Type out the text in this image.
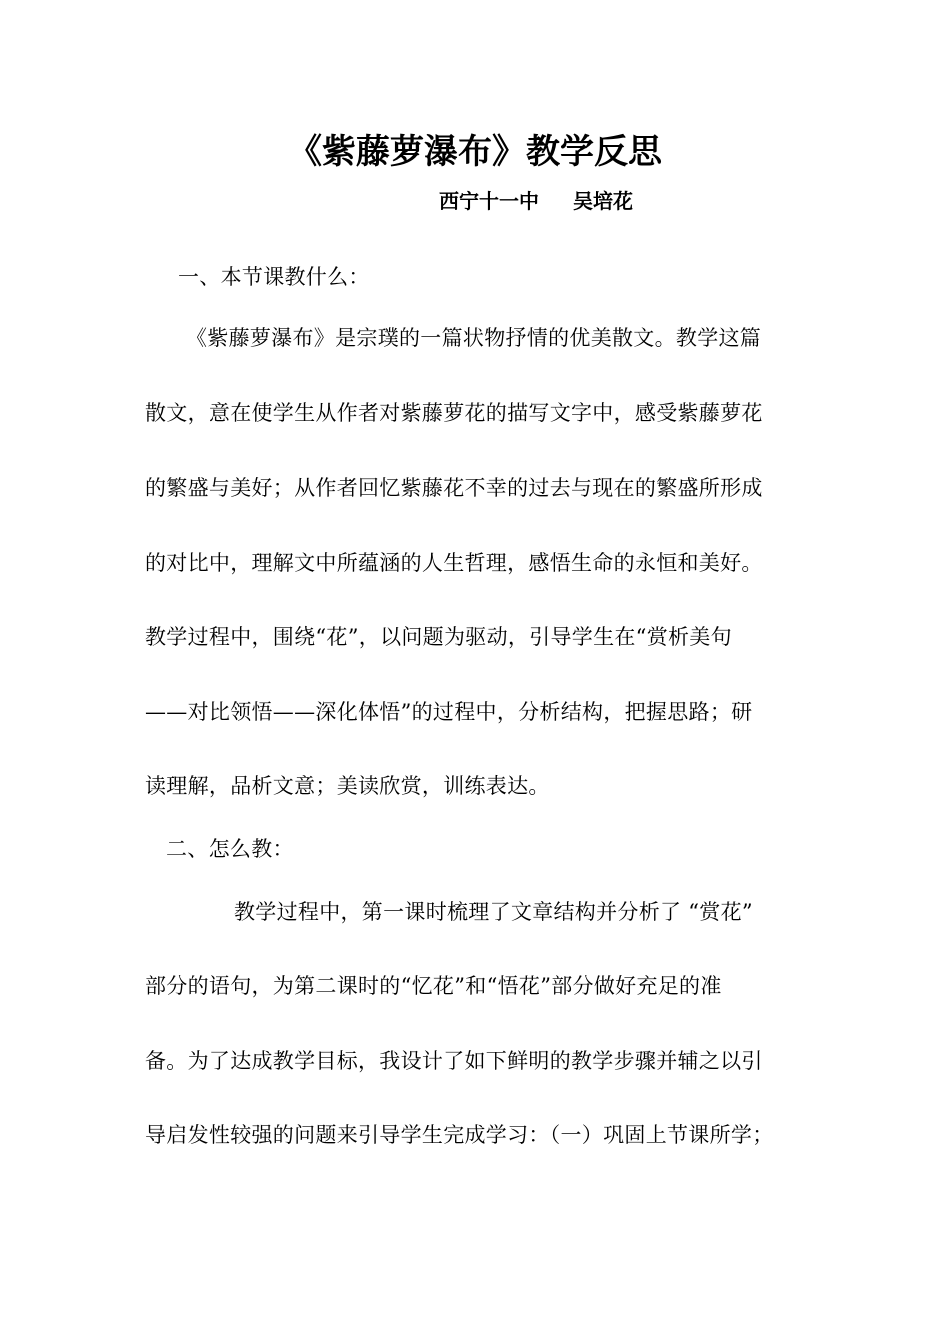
《紫藤萝瀑布》教学反思
西宁十一中 吴培花
一、本节课教什么：
《紫藤萝瀑布》是宗璞的一篇状物抒情的优美散文。教学这篇
散文，意在使学生从作者对紫藤萝花的描写文字中，感受紫藤萝花
的繁盛与美好；从作者回忆紫藤花不幸的过去与现在的繁盛所形成
的对比中，理解文中所蕴涵的人生哲理，感悟生命的永恒和美好。
教学过程中，围绕“花”，以问题为驱动，引导学生在“赏析美句
——对比领悟——深化体悟”的过程中，分析结构，把握思路；研
读理解，品析文意；美读欣赏，训练表达。
二、怎么教：
教学过程中，第一课时梳理了文章结构并分析了 “赏花”
部分的语句，为第二课时的“忆花”和“悟花”部分做好充足的准
备。为了达成教学目标，我设计了如下鲜明的教学步骤并辅之以引
导启发性较强的问题来引导学生完成学习：（一）巩固上节课所学；
